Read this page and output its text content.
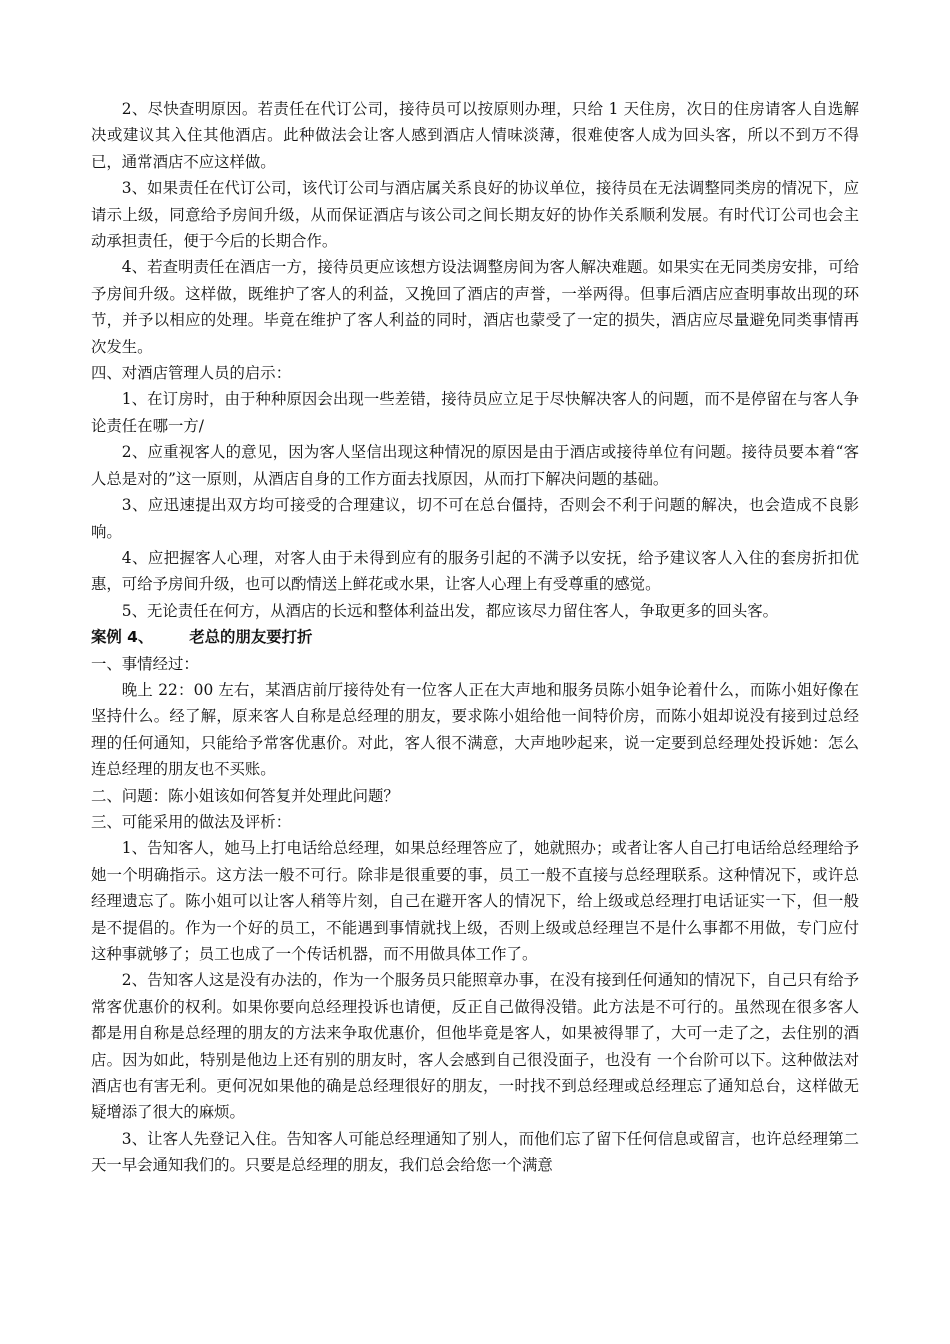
2、尽快查明原因。若责任在代订公司，接待员可以按原则办理，只给 1 天住房，次日的住房请客人自选解决或建议其入住其他酒店。此种做法会让客人感到酒店人情味淡薄，很难使客人成为回头客，所以不到万不得已，通常酒店不应这样做。

3、如果责任在代订公司，该代订公司与酒店属关系良好的协议单位，接待员在无法调整同类房的情况下，应请示上级，同意给予房间升级，从而保证酒店与该公司之间长期友好的协作关系顺利发展。有时代订公司也会主动承担责任，便于今后的长期合作。

4、若查明责任在酒店一方，接待员更应该想方设法调整房间为客人解决难题。如果实在无同类房安排，可给予房间升级。这样做，既维护了客人的利益，又挽回了酒店的声誉，一举两得。但事后酒店应查明事故出现的环节，并予以相应的处理。毕竟在维护了客人利益的同时，酒店也蒙受了一定的损失，酒店应尽量避免同类事情再次发生。

四、对酒店管理人员的启示：

1、在订房时，由于种种原因会出现一些差错，接待员应立足于尽快解决客人的问题，而不是停留在与客人争论责任在哪一方/

2、应重视客人的意见，因为客人坚信出现这种情况的原因是由于酒店或接待单位有问题。接待员要本着“客人总是对的”这一原则，从酒店自身的工作方面去找原因，从而打下解决问题的基础。

3、应迅速提出双方均可接受的合理建议，切不可在总台僵持，否则会不利于问题的解决，也会造成不良影响。

4、应把握客人心理，对客人由于未得到应有的服务引起的不满予以安抚，给予建议客人入住的套房折扣优惠，可给予房间升级，也可以酌情送上鲜花或水果，让客人心理上有受尊重的感觉。

5、无论责任在何方，从酒店的长远和整体利益出发，都应该尽力留住客人，争取更多的回头客。

案例 4、 老总的朋友要打折

一、事情经过：

晚上 22：00 左右，某酒店前厅接待处有一位客人正在大声地和服务员陈小姐争论着什么，而陈小姐好像在坚持什么。经了解，原来客人自称是总经理的朋友，要求陈小姐给他一间特价房，而陈小姐却说没有接到过总经理的任何通知，只能给予常客优惠价。对此，客人很不满意，大声地吵起来，说一定要到总经理处投诉她：怎么连总经理的朋友也不买账。

二、问题：陈小姐该如何答复并处理此问题？

三、可能采用的做法及评析：

1、告知客人，她马上打电话给总经理，如果总经理答应了，她就照办；或者让客人自己打电话给总经理给予她一个明确指示。这方法一般不可行。除非是很重要的事，员工一般不直接与总经理联系。这种情况下，或许总经理遗忘了。陈小姐可以让客人稍等片刻，自己在避开客人的情况下，给上级或总经理打电话证实一下，但一般是不提倡的。作为一个好的员工，不能遇到事情就找上级，否则上级或总经理岂不是什么事都不用做，专门应付这种事就够了；员工也成了一个传话机器，而不用做具体工作了。

2、告知客人这是没有办法的，作为一个服务员只能照章办事，在没有接到任何通知的情况下，自己只有给予常客优惠价的权利。如果你要向总经理投诉也请便，反正自己做得没错。此方法是不可行的。虽然现在很多客人都是用自称是总经理的朋友的方法来争取优惠价，但他毕竟是客人，如果被得罪了，大可一走了之，去住别的酒店。因为如此，特别是他边上还有别的朋友时，客人会感到自己很没面子，也没有 一个台阶可以下。这种做法对酒店也有害无利。更何况如果他的确是总经理很好的朋友，一时找不到总经理或总经理忘了通知总台，这样做无疑增添了很大的麻烦。

3、让客人先登记入住。告知客人可能总经理通知了别人，而他们忘了留下任何信息或留言，也许总经理第二天一早会通知我们的。只要是总经理的朋友，我们总会给您一个满意
